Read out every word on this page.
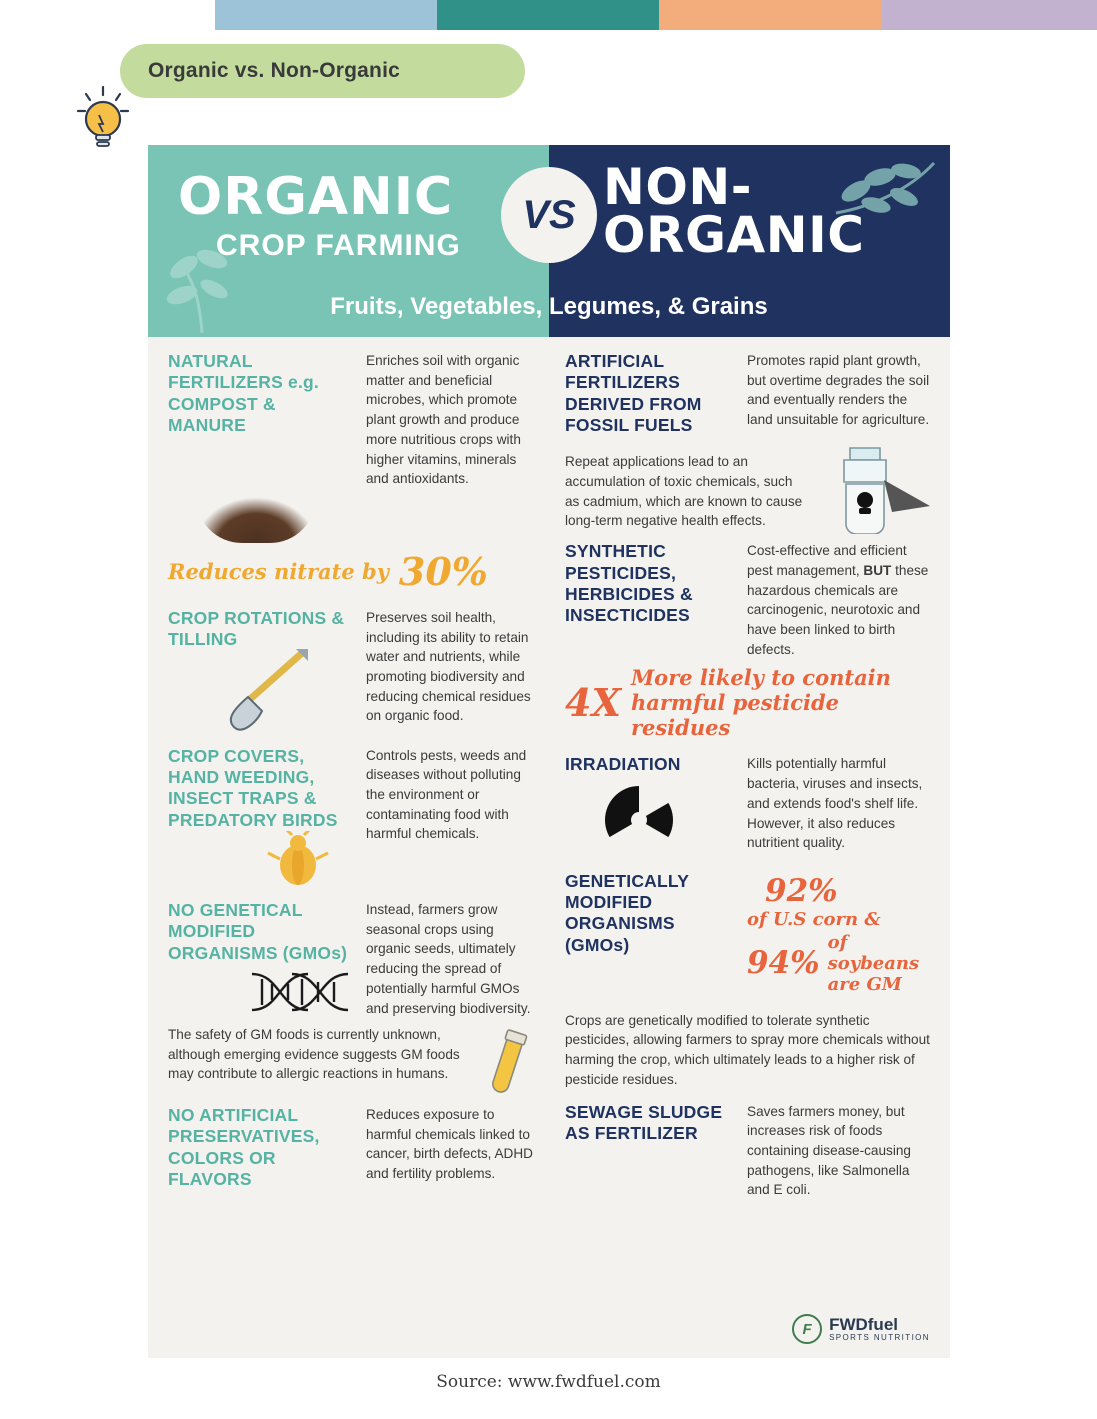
Organic vs. Non-Organic
ORGANIC
CROP FARMING
VS NON-
ORGANIC
Fruits, Vegetables, Legumes, & Grains
NATURAL FERTILIZERS e.g. COMPOST & MANURE
Enriches soil with organic matter and beneficial microbes, which promote plant growth and produce more nutritious crops with higher vitamins, minerals and antioxidants.
Reduces nitrate by 30%
CROP ROTATIONS & TILLING
Preserves soil health, including its ability to retain water and nutrients, while promoting biodiversity and reducing chemical residues on organic food.
CROP COVERS, HAND WEEDING, INSECT TRAPS & PREDATORY BIRDS
Controls pests, weeds and diseases without polluting the environment or contaminating food with harmful chemicals.
NO GENETICAL MODIFIED ORGANISMS (GMOs)
Instead, farmers grow seasonal crops using organic seeds, ultimately reducing the spread of potentially harmful GMOs and preserving biodiversity.
The safety of GM foods is currently unknown, although emerging evidence suggests GM foods may contribute to allergic reactions in humans.
NO ARTIFICIAL PRESERVATIVES, COLORS OR FLAVORS
Reduces exposure to harmful chemicals linked to cancer, birth defects, ADHD and fertility problems.
ARTIFICIAL FERTILIZERS DERIVED FROM FOSSIL FUELS
Promotes rapid plant growth, but overtime degrades the soil and eventually renders the land unsuitable for agriculture.
Repeat applications lead to an accumulation of toxic chemicals, such as cadmium, which are known to cause long-term negative health effects.
SYNTHETIC PESTICIDES, HERBICIDES & INSECTICIDES
Cost-effective and efficient pest management, BUT these hazardous chemicals are carcinogenic, neurotoxic and have been linked to birth defects.
4X
More likely to contain
harmful pesticide residues
IRRADIATION	Kills potentially harmful bacteria, viruses and insects, and extends food's shelf life. However, it also reduces nutritient quality.
GENETICALLY MODIFIED ORGANISMS (GMOs)
92%
of U.S corn &
94%
of soybeans
are GM
Crops are genetically modified to tolerate synthetic pesticides, allowing farmers to spray more chemicals without harming the crop, which ultimately leads to a higher risk of pesticide residues.
SEWAGE SLUDGE AS FERTILIZER
Saves farmers money, but increases risk of foods containing disease-causing pathogens, like Salmonella and E coli.
F	FWDfuel
SPORTS NUTRITION
Source: www.fwdfuel.com
